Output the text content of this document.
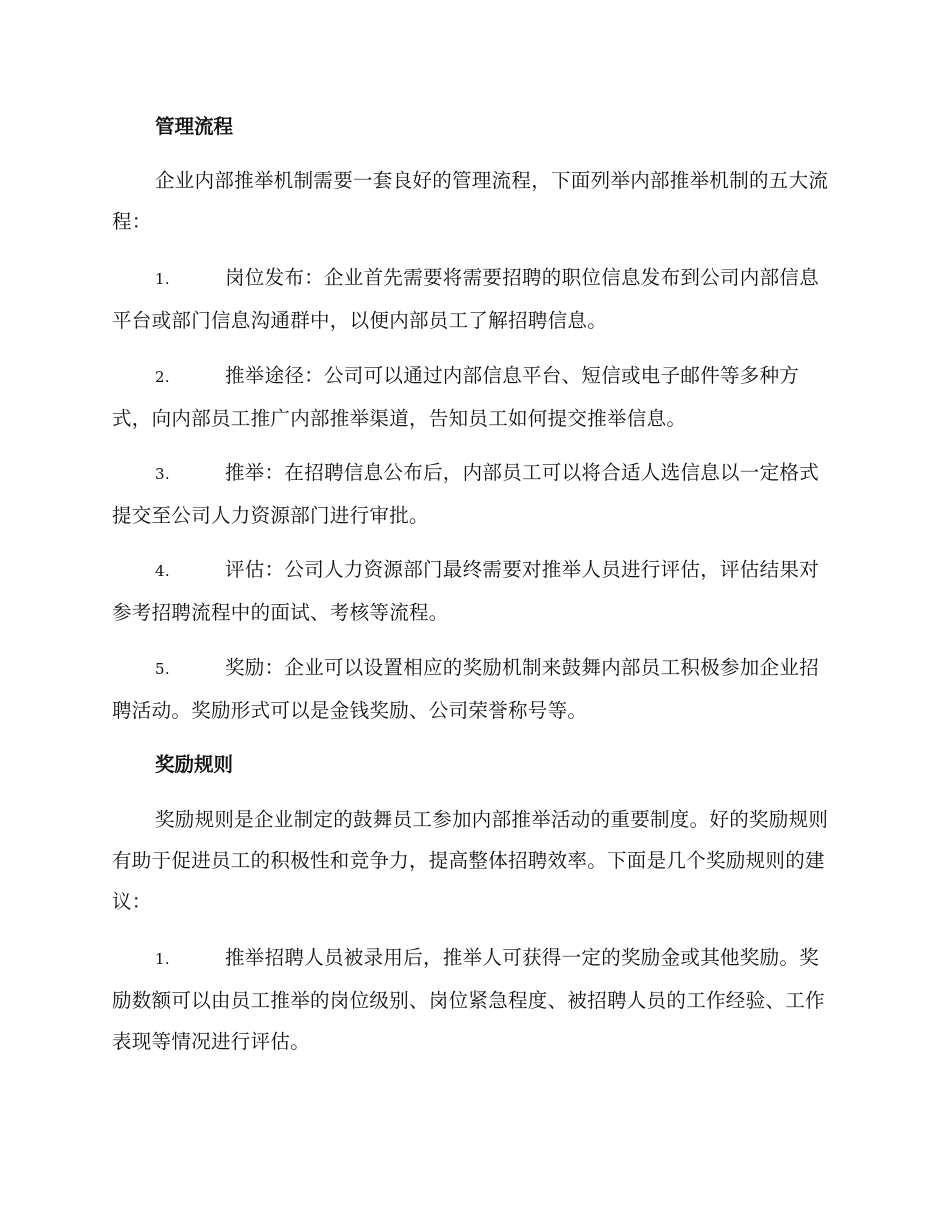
管理流程
企业内部推举机制需要一套良好的管理流程，下面列举内部推举机制的五大流程：
1.	岗位发布：企业首先需要将需要招聘的职位信息发布到公司内部信息平台或部门信息沟通群中，以便内部员工了解招聘信息。
2.	推举途径：公司可以通过内部信息平台、短信或电子邮件等多种方式，向内部员工推广内部推举渠道，告知员工如何提交推举信息。
3.	推举：在招聘信息公布后，内部员工可以将合适人选信息以一定格式提交至公司人力资源部门进行审批。
4.	评估：公司人力资源部门最终需要对推举人员进行评估，评估结果对参考招聘流程中的面试、考核等流程。
5.	奖励：企业可以设置相应的奖励机制来鼓舞内部员工积极参加企业招聘活动。奖励形式可以是金钱奖励、公司荣誉称号等。
奖励规则
奖励规则是企业制定的鼓舞员工参加内部推举活动的重要制度。好的奖励规则有助于促进员工的积极性和竞争力，提高整体招聘效率。下面是几个奖励规则的建议：
1.	推举招聘人员被录用后，推举人可获得一定的奖励金或其他奖励。奖励数额可以由员工推举的岗位级别、岗位紧急程度、被招聘人员的工作经验、工作表现等情况进行评估。
